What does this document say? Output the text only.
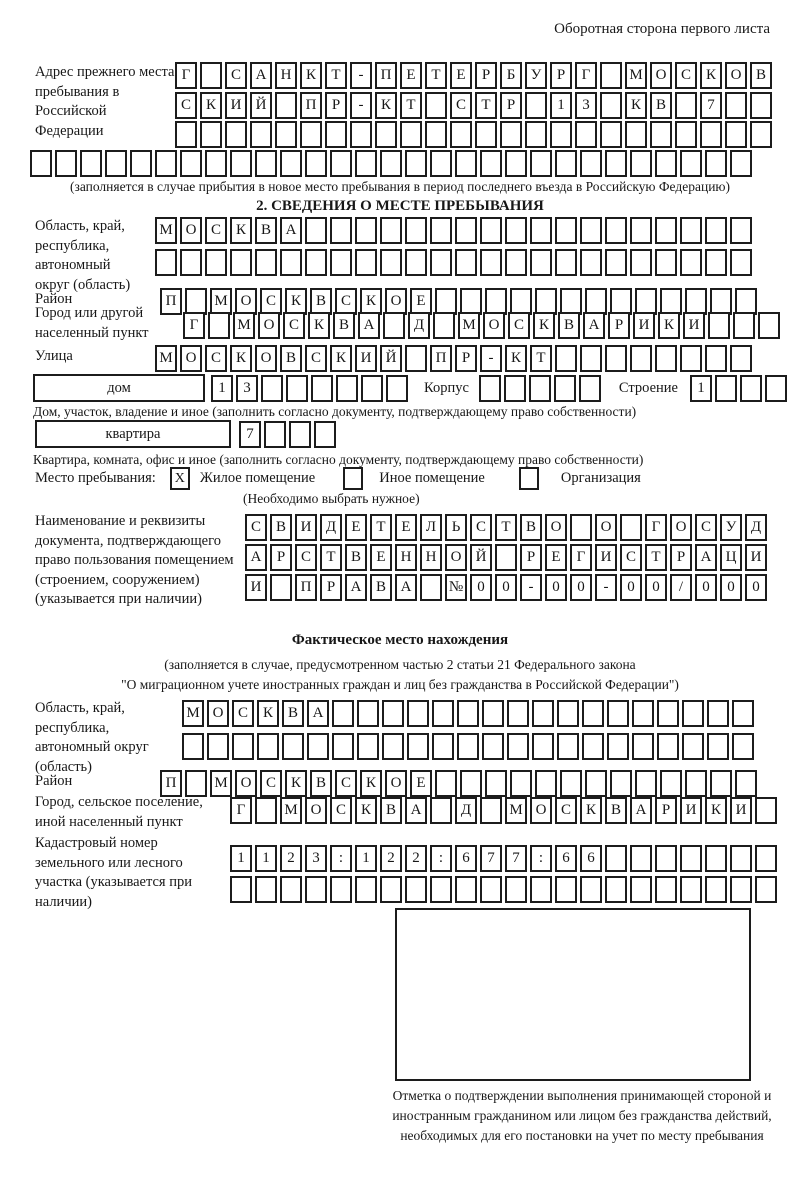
Оборотная сторона первого листа
Адрес прежнего места пребывания в Российской Федерации
Г	С А Н К	Т	-	П Е	Т	Е	Р	Б	У	Р	Г	М О С К О В
С К И Й	П	Р	-	К	Т	С	Т	Р	1	3	К В	7
(заполняется в случае прибытия в новое место пребывания в период последнего въезда в Российскую Федерацию)
2. СВЕДЕНИЯ О МЕСТЕ ПРЕБЫВАНИЯ
Область, край, республика, автономный округ (область)
М О С К В А
Район	П	М О С К В С К О Е
Город или другой населенный пункт	Г	М О С К В А	Д	М О С К В А	Р	И К И
Улица	М О С К О В С К И Й	П	Р	-	К	Т
дом	1	3	Корпус	Строение	1
Дом, участок, владение и иное (заполнить согласно документу, подтверждающему право собственности)
квартира	7
Квартира, комната, офис и иное (заполнить согласно документу, подтверждающему право собственности)
Место пребывания:	X	Жилое помещение	Иное помещение	Организация
(Необходимо выбрать нужное)
Наименование и реквизиты документа, подтверждающего право пользования помещением (строением, сооружением) (указывается при наличии)
С В И Д	Е	Т	Е	Л	Ь	С	Т	В О	О	Г	О С У Д
А	Р	С	Т	В	Е	Н Н О Й	Р	Е	Г	И С	Т	Р	А Ц И
И	П	Р	А В А	№ 0	0	-	0	0	-	0	0	/	0	0	0
Фактическое место нахождения
(заполняется в случае, предусмотренном частью 2 статьи 21 Федерального закона
"О миграционном учете иностранных граждан и лиц без гражданства в Российской Федерации")
Область, край, республика, автономный округ (область)
М О С К В А
Район	П	М О С К В С К О Е
Город, сельское поселение, иной населенный пункт
Г	М О С К В А	Д	М О С К В А	Р	И К И
Кадастровый номер земельного или лесного участка (указывается при наличии)
1	1	2	3	:	1	2	2	:	6	7	7	:	6	6
Отметка о подтверждении выполнения принимающей стороной и иностранным гражданином или лицом без гражданства действий, необходимых для его постановки на учет по месту пребывания
